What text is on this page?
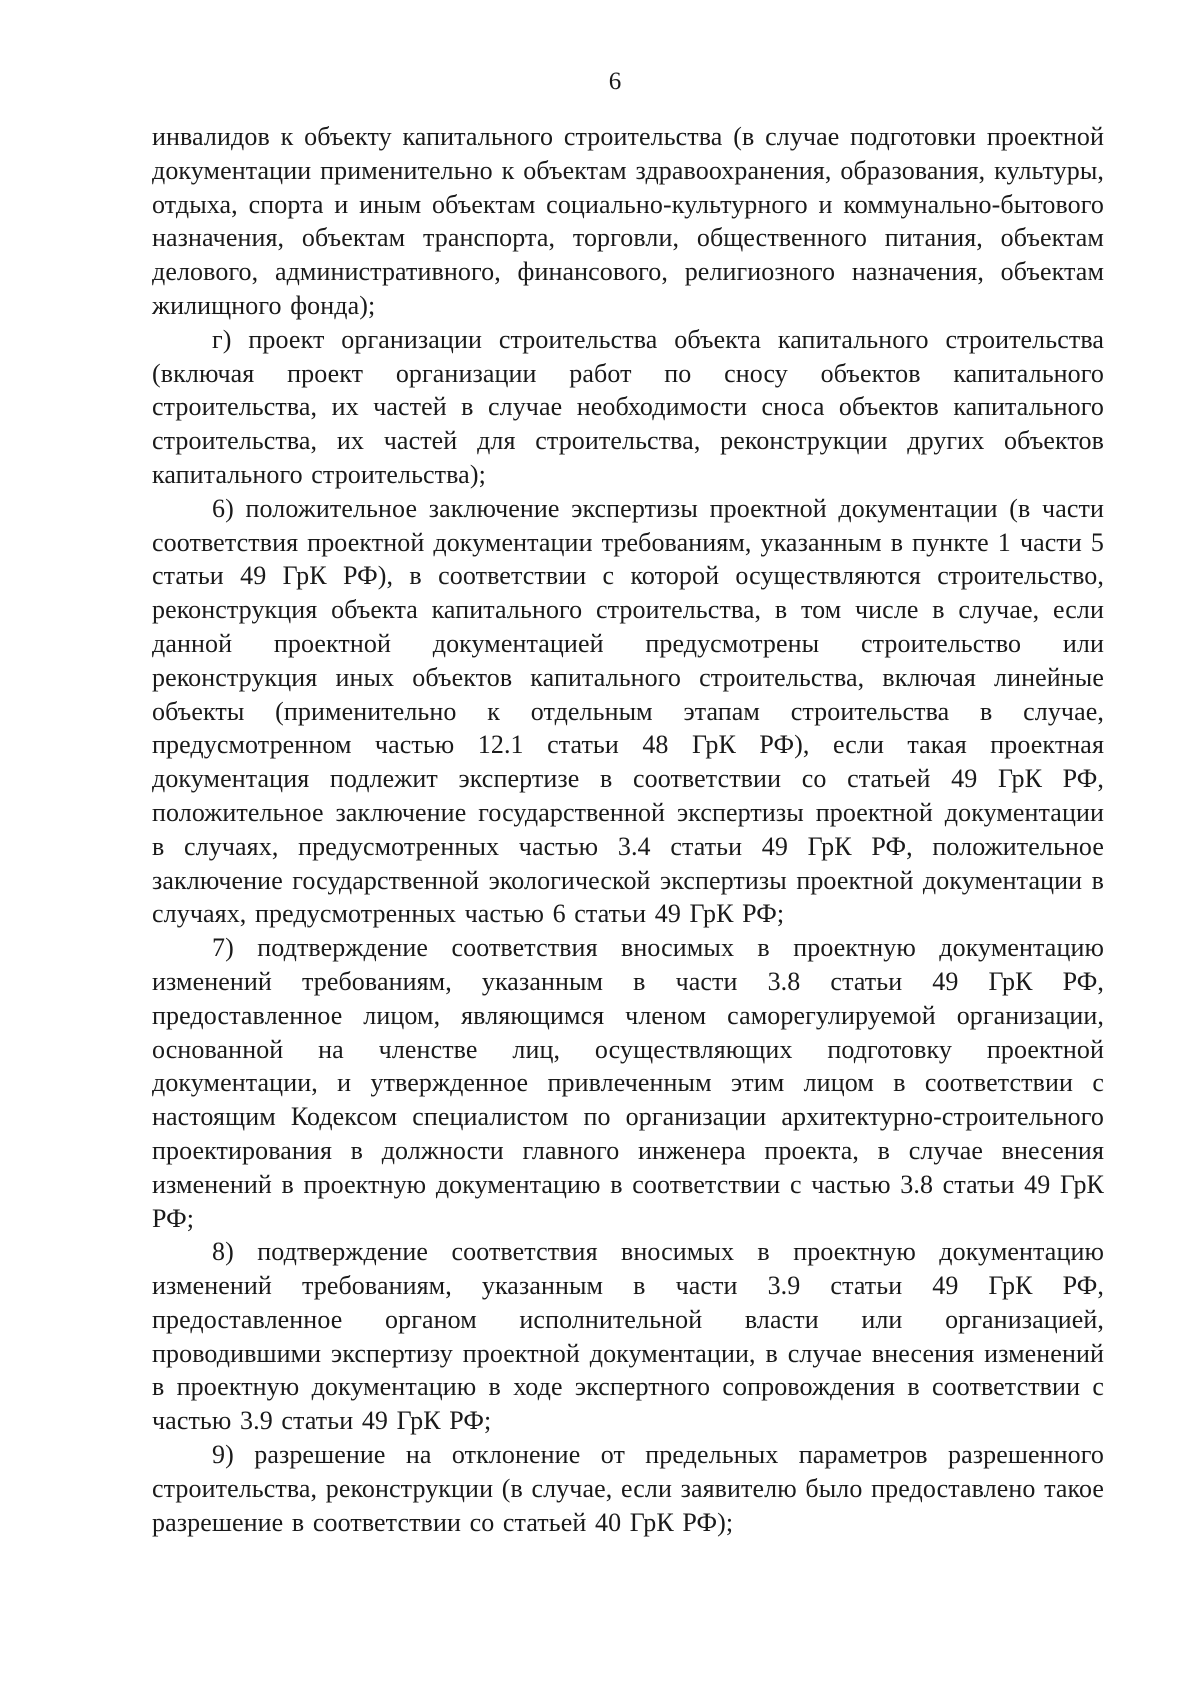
6

инвалидов к объекту капитального строительства (в случае подготовки проектной документации применительно к объектам здравоохранения, образования, культуры, отдыха, спорта и иным объектам социально-культурного и коммунально-бытового назначения, объектам транспорта, торговли, общественного питания, объектам делового, административного, финансового, религиозного назначения, объектам жилищного фонда);

г) проект организации строительства объекта капитального строительства (включая проект организации работ по сносу объектов капитального строительства, их частей в случае необходимости сноса объектов капитального строительства, их частей для строительства, реконструкции других объектов капитального строительства);

6) положительное заключение экспертизы проектной документации (в части соответствия проектной документации требованиям, указанным в пункте 1 части 5 статьи 49 ГрК РФ), в соответствии с которой осуществляются строительство, реконструкция объекта капитального строительства, в том числе в случае, если данной проектной документацией предусмотрены строительство или реконструкция иных объектов капитального строительства, включая линейные объекты (применительно к отдельным этапам строительства в случае, предусмотренном частью 12.1 статьи 48 ГрК РФ), если такая проектная документация подлежит экспертизе в соответствии со статьей 49 ГрК РФ, положительное заключение государственной экспертизы проектной документации в случаях, предусмотренных частью 3.4 статьи 49 ГрК РФ, положительное заключение государственной экологической экспертизы проектной документации в случаях, предусмотренных частью 6 статьи 49 ГрК РФ;

7) подтверждение соответствия вносимых в проектную документацию изменений требованиям, указанным в части 3.8 статьи 49 ГрК РФ, предоставленное лицом, являющимся членом саморегулируемой организации, основанной на членстве лиц, осуществляющих подготовку проектной документации, и утвержденное привлеченным этим лицом в соответствии с настоящим Кодексом специалистом по организации архитектурно-строительного проектирования в должности главного инженера проекта, в случае внесения изменений в проектную документацию в соответствии с частью 3.8 статьи 49 ГрК РФ;

8) подтверждение соответствия вносимых в проектную документацию изменений требованиям, указанным в части 3.9 статьи 49 ГрК РФ, предоставленное органом исполнительной власти или организацией, проводившими экспертизу проектной документации, в случае внесения изменений в проектную документацию в ходе экспертного сопровождения в соответствии с частью 3.9 статьи 49 ГрК РФ;

9) разрешение на отклонение от предельных параметров разрешенного строительства, реконструкции (в случае, если заявителю было предоставлено такое разрешение в соответствии со статьей 40 ГрК РФ);
